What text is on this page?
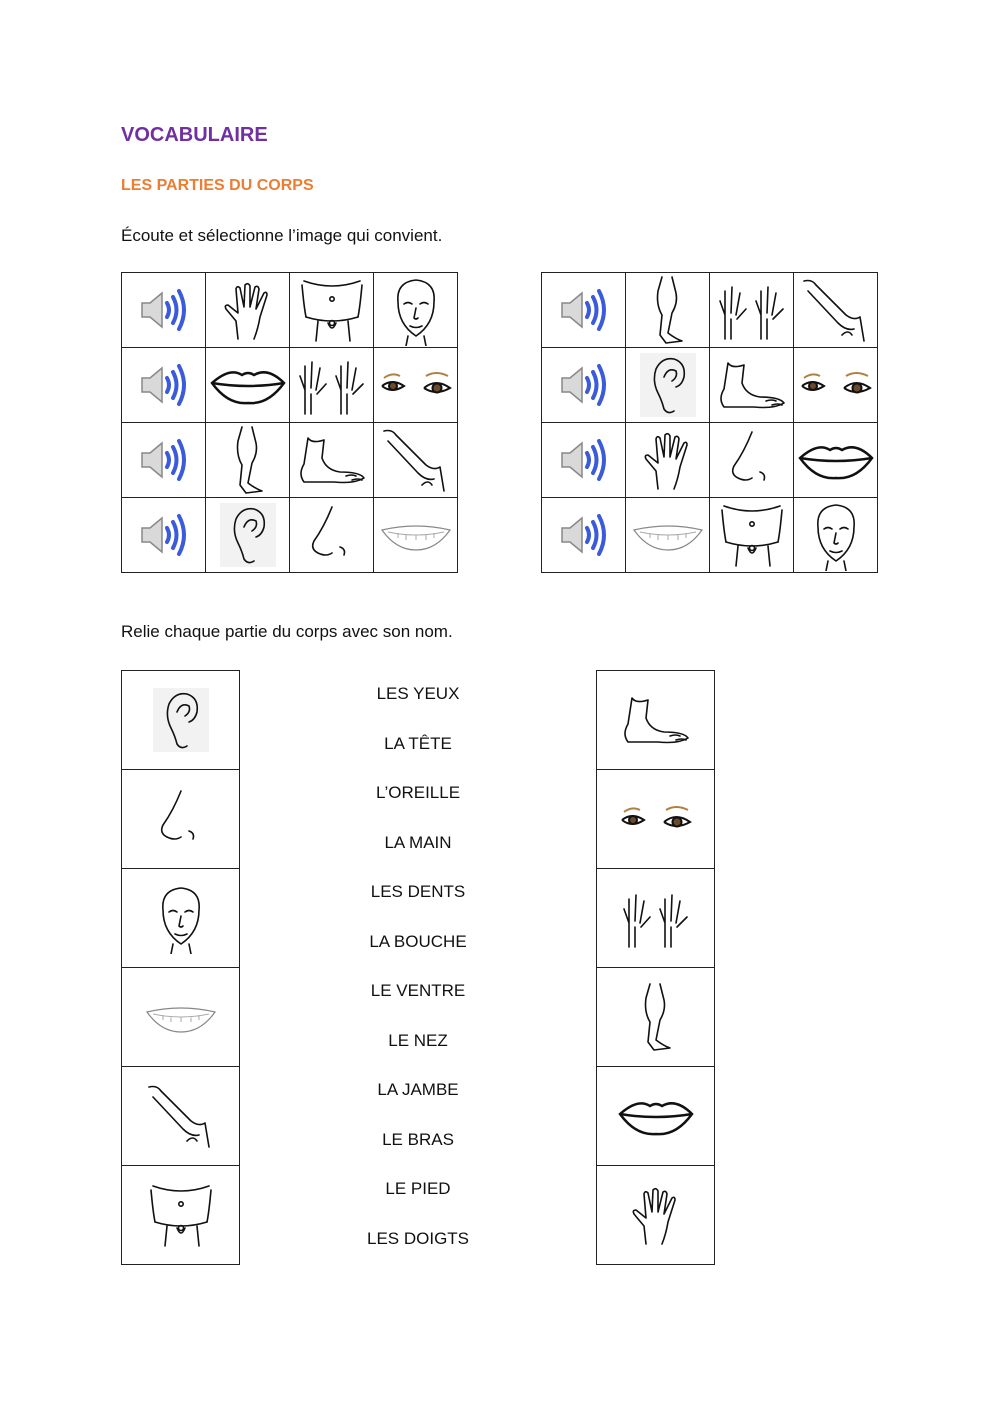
VOCABULAIRE
LES PARTIES DU CORPS
Écoute et sélectionne l’image qui convient.
Relie chaque partie du corps avec son nom.
LES YEUX
LA TÊTE
L’OREILLE
LA MAIN
LES DENTS
LA BOUCHE
LE VENTRE
LE NEZ
LA JAMBE
LE BRAS
LE PIED
LES DOIGTS
